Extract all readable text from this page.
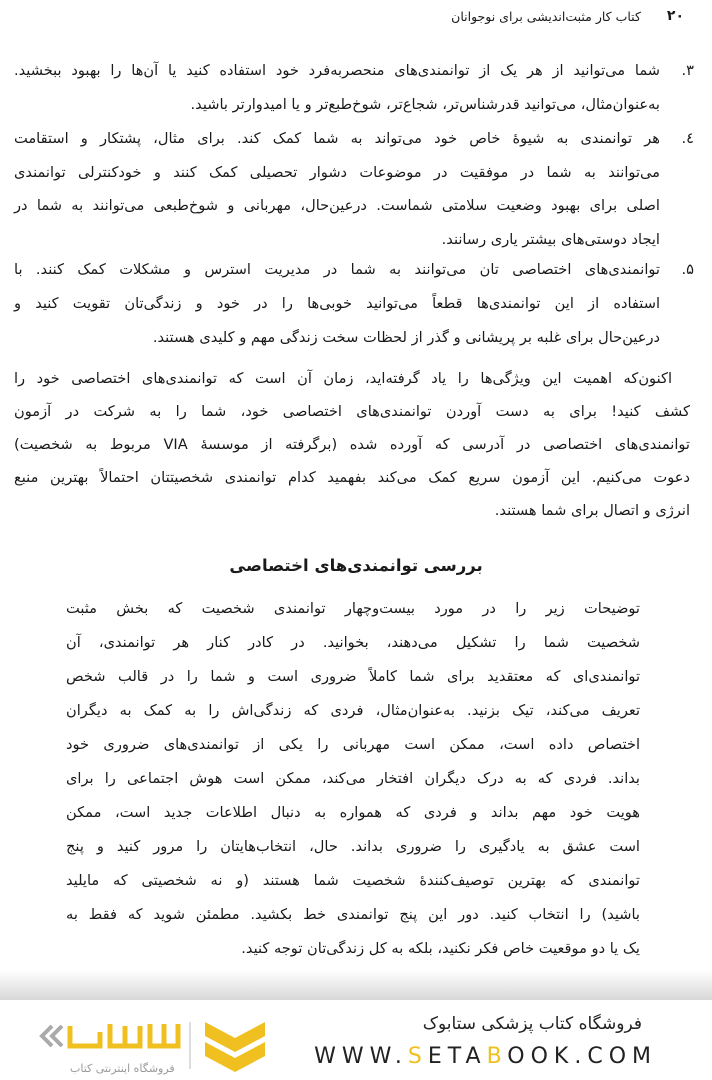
۲۰
کتاب کار مثبت‌اندیشی برای نوجوانان
۳.
شما می‌توانید از هر یک از توانمندی‌های منحصربه‌فرد خود استفاده کنید یا آن‌ها را بهبود ببخشید.
به‌عنوان‌مثال، می‌توانید قدرشناس‌تر، شجاع‌تر، شوخ‌طبع‌تر و یا امیدوارتر باشید.
٤.
هر توانمندی به شیوهٔ خاص خود می‌تواند به شما کمک کند. برای مثال، پشتکار و استقامت
می‌توانند به شما در موفقیت در موضوعات دشوار تحصیلی کمک کنند و خودکنترلی توانمندی
اصلی برای بهبود وضعیت سلامتی شماست. درعین‌حال، مهربانی و شوخ‌طبعی می‌توانند به شما در
ایجاد دوستی‌های بیشتر یاری رسانند.
۵.
توانمندی‌های اختصاصی تان می‌توانند به شما در مدیریت استرس و مشکلات کمک کنند. با
استفاده از این توانمندی‌ها قطعاً می‌توانید خوبی‌ها را در خود و زندگی‌تان تقویت کنید و
درعین‌حال برای غلبه بر پریشانی و گذر از لحظات سخت زندگی مهم و کلیدی هستند.
اکنون‌که اهمیت این ویژگی‌ها را یاد گرفته‌اید، زمان آن است که توانمندی‌های اختصاصی خود را
کشف کنید! برای به دست آوردن توانمندی‌های اختصاصی خود، شما را به شرکت در آزمون
توانمندی‌های اختصاصی در آدرسی که آورده شده (برگرفته از موسسهٔ VIA مربوط به شخصیت)
دعوت می‌کنیم. این آزمون سریع کمک می‌کند بفهمید کدام توانمندی شخصیتتان احتمالاً بهترین منبع
انرژی و اتصال برای شما هستند.
بررسی توانمندی‌های اختصاصی
توضیحات زیر را در مورد بیست‌وچهار توانمندی شخصیت که بخش مثبت
شخصیت شما را تشکیل می‌دهند، بخوانید. در کادر کنار هر توانمندی، آن
توانمندی‌ای که معتقدید برای شما کاملاً ضروری است و شما را در قالب شخص
تعریف می‌کند، تیک بزنید. به‌عنوان‌مثال، فردی که زندگی‌اش را به کمک به دیگران
اختصاص داده است، ممکن است مهربانی را یکی از توانمندی‌های ضروری خود
بداند. فردی که به درک دیگران افتخار می‌کند، ممکن است هوش اجتماعی را برای
هویت خود مهم بداند و فردی که همواره به دنبال اطلاعات جدید است، ممکن
است عشق به یادگیری را ضروری بداند. حال، انتخاب‌هایتان را مرور کنید و پنج
توانمندی که بهترین توصیف‌کنندهٔ شخصیت شما هستند (و نه شخصیتی که مایلید
باشید) را انتخاب کنید. دور این پنج توانمندی خط بکشید. مطمئن شوید که فقط به
یک یا دو موقعیت خاص فکر نکنید، بلکه به کل زندگی‌تان توجه کنید.
فروشگاه اینترنتی کتاب
فروشگاه کتاب پزشکی ستابوک
WWW.SETABOOK.COM
